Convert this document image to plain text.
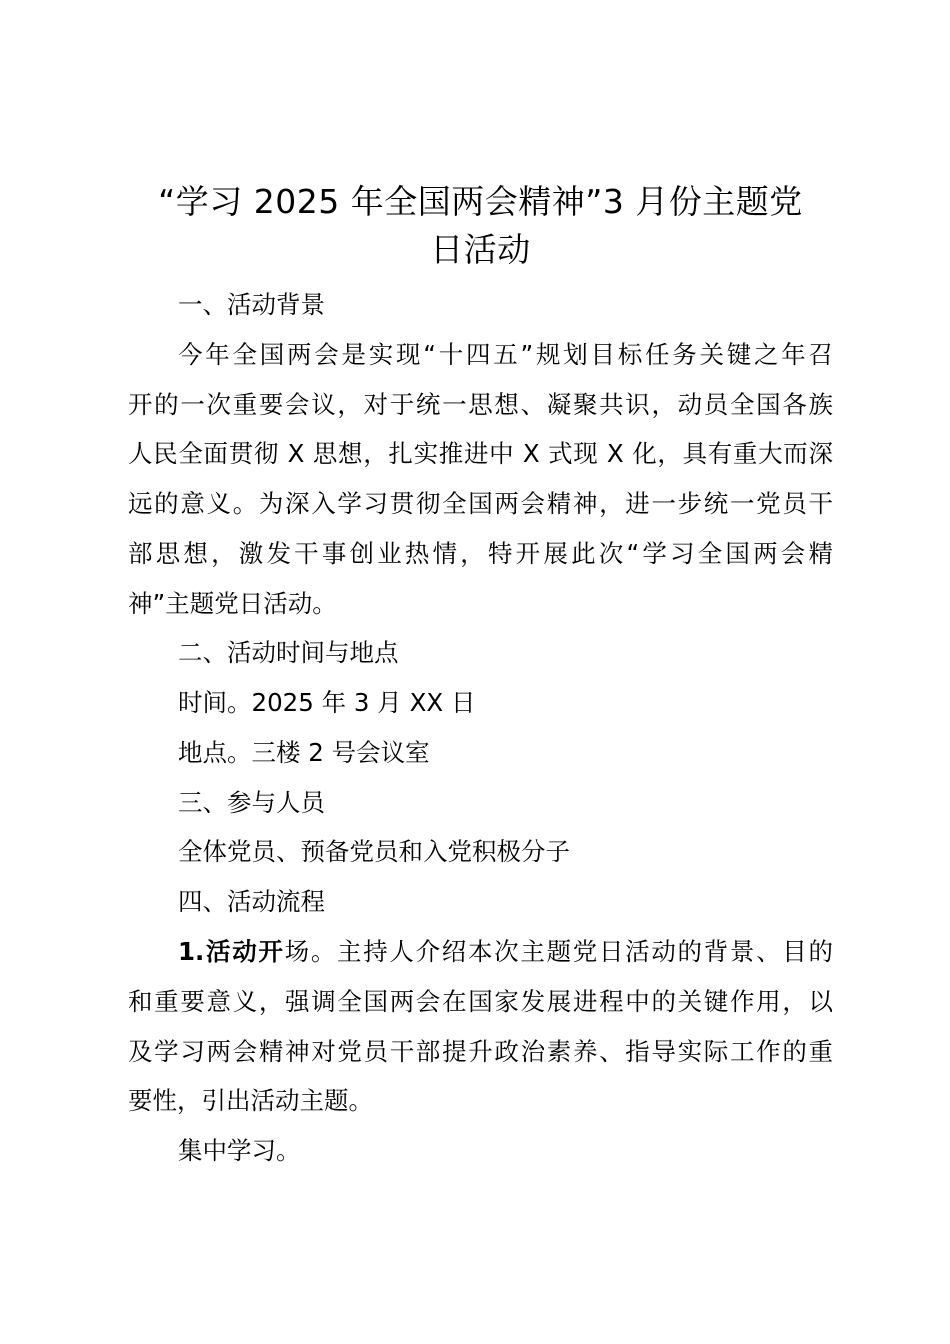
“学习 2025 年全国两会精神”3 月份主题党
日活动

一、活动背景

今年全国两会是实现“十四五”规划目标任务关键之年召

开的一次重要会议，对于统一思想、凝聚共识，动员全国各族

人民全面贯彻 X 思想，扎实推进中 X 式现 X 化，具有重大而深

远的意义。为深入学习贯彻全国两会精神，进一步统一党员干

部思想，激发干事创业热情，特开展此次“学习全国两会精

神”主题党日活动。

二、活动时间与地点

时间。2025 年 3 月 XX 日

地点。三楼 2 号会议室

三、参与人员

全体党员、预备党员和入党积极分子

四、活动流程

1.活动开场。主持人介绍本次主题党日活动的背景、目的

和重要意义，强调全国两会在国家发展进程中的关键作用，以

及学习两会精神对党员干部提升政治素养、指导实际工作的重

要性，引出活动主题。

集中学习。
